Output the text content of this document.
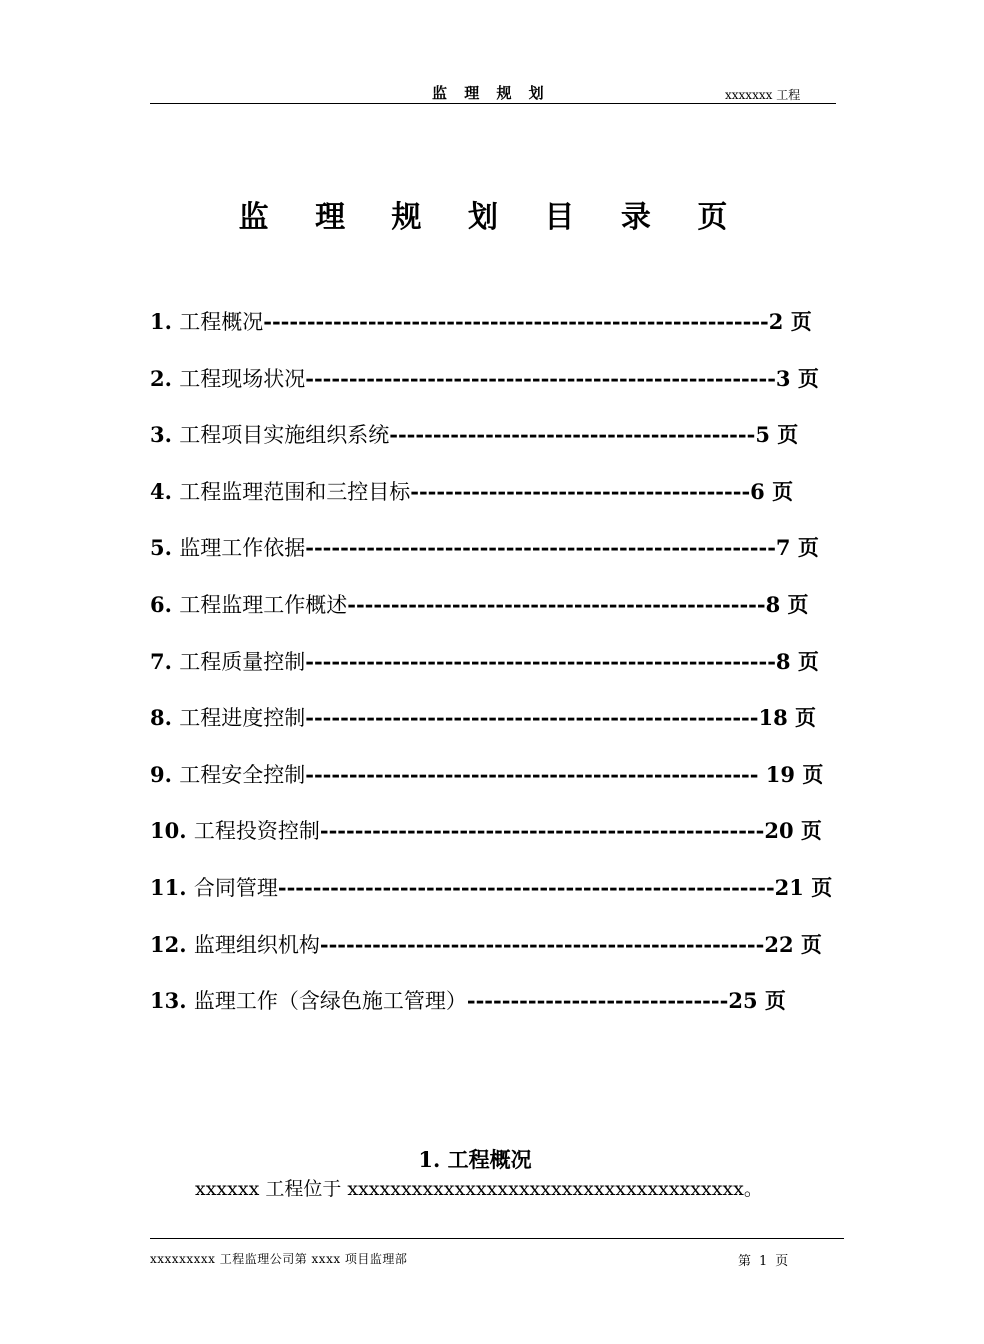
监 理 规 划	xxxxxxx 工程
监 理 规 划 目 录 页
1. 工程概况----------------------------------------------------------2 页
2. 工程现场状况------------------------------------------------------3 页
3. 工程项目实施组织系统------------------------------------------5 页
4. 工程监理范围和三控目标---------------------------------------6 页
5. 监理工作依据------------------------------------------------------7 页
6. 工程监理工作概述------------------------------------------------8 页
7. 工程质量控制------------------------------------------------------8 页
8. 工程进度控制----------------------------------------------------18 页
9. 工程安全控制---------------------------------------------------- 19 页
10. 工程投资控制---------------------------------------------------20 页
11. 合同管理---------------------------------------------------------21 页
12. 监理组织机构---------------------------------------------------22 页
13. 监理工作（含绿色施工管理）------------------------------25 页
1. 工程概况
xxxxxx 工程位于 xxxxxxxxxxxxxxxxxxxxxxxxxxxxxxxxxxxxx。
xxxxxxxxx 工程监理公司第 xxxx 项目监理部	第 1 页
